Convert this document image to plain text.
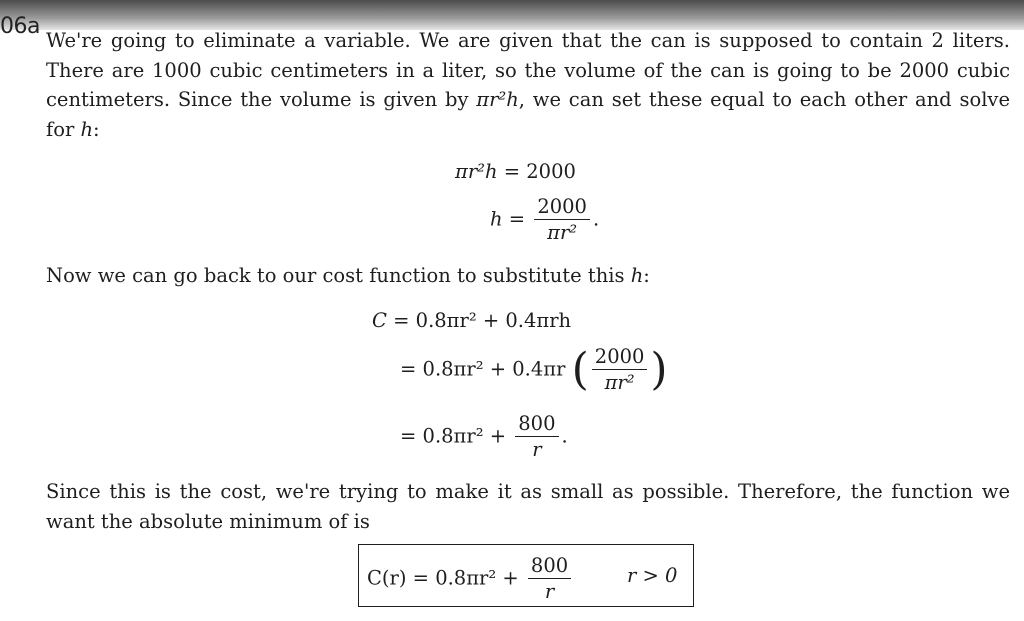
06a
We're going to eliminate a variable. We are given that the can is supposed to contain 2 liters. There are 1000 cubic centimeters in a liter, so the volume of the can is going to be 2000 cubic centimeters. Since the volume is given by πr²h, we can set these equal to each other and solve for h:
πr²h = 2000
$h = \frac{2000}{\text{πr²}}$ .
Now we can go back to our cost function to substitute this h:
C = 0.8πr² + 0.4πrh
= 0.8πr² + 0.4πr ( $\frac{2000}{\text{πr²}}$ )
= $0.8\pi r^2 + \frac{800}{r}$ .
Since this is the cost, we're trying to make it as small as possible. Therefore, the function we want the absolute minimum of is
$C(r) = 0.8\pi r^2 + \frac{800}{r}$	r > 0
